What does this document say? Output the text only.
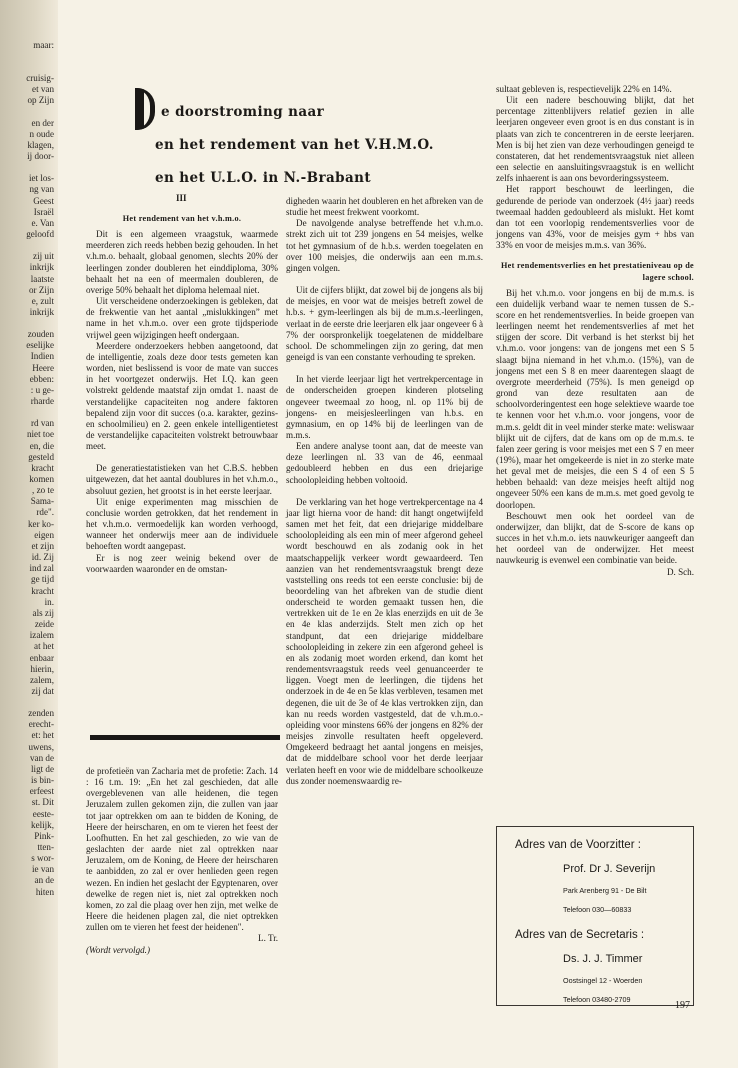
maar:

cruisig-
et van
op Zijn

en der
n oude
klagen,
ij door-

iet los-
ng van
Geest
Israël
e. Van
geloofd

zij uit
inkrijk
laatste
or Zijn
e, zult
inkrijk

zouden
eselijke
Indien
Heere
ebben:
: u ge-
rharde

rd van
niet toe
en, die
gesteld
kracht
komen
, zo te
Sama-
rde".
ker ko-
eigen
et zijn
id. Zij
ind zal
ge tijd
kracht
in.
als zij
zeide
izalem
at het
enbaar
hierin,
zalem,
zij dat

zenden
erecht-
et: het
uwens,
van de
ligt de
is bin-
erfeest
st. Dit
eeste-
kelijk,
Pink-
tten-
s wor-
ie van
an de
hiten
e doorstroming naar
en het rendement van het V.H.M.O.
en het U.L.O. in N.-Brabant
III
Het rendement van het v.h.m.o.

Dit is een algemeen vraagstuk, waarmede meerderen zich reeds hebben bezig gehouden. In het v.h.m.o. behaalt, globaal genomen, slechts 20% der leerlingen zonder doubleren het einddiploma, 30% behaalt het na een of meermalen doubleren, de overige 50% behaalt het diploma helemaal niet.

Uit verscheidene onderzoekingen is gebleken, dat de frekwentie van het aantal „mislukkingen” met name in het v.h.m.o. over een grote tijdsperiode vrijwel geen wijzigingen heeft ondergaan.

Meerdere onderzoekers hebben aangetoond, dat de intelligentie, zoals deze door tests gemeten kan worden, niet beslissend is voor de mate van succes in het voortgezet onderwijs. Het I.Q. kan geen volstrekt geldende maatstaf zijn omdat 1. naast de verstandelijke capaciteiten nog andere faktoren bepalend zijn voor dit succes (o.a. karakter, gezins- en schoolmilieu) en 2. geen enkele intelligentietest de verstandelijke capaciteiten volstrekt betrouwbaar meet.

De generatiestatistieken van het C.B.S. hebben uitgewezen, dat het aantal doublures in het v.h.m.o., absoluut gezien, het grootst is in het eerste leerjaar.

Uit enige experimenten mag misschien de conclusie worden getrokken, dat het rendement in het v.h.m.o. vermoedelijk kan worden verhoogd, wanneer het onderwijs meer aan de individuele behoeften wordt aangepast.

Er is nog zeer weinig bekend over de voorwaarden waaronder en de omstan-

de profetieën van Zacharia met de profetie: Zach. 14 : 16 t.m. 19: „En het zal geschieden, dat alle overgeblevenen van alle heidenen, die tegen Jeruzalem zullen gekomen zijn, die zullen van jaar tot jaar optrekken om aan te bidden de Koning, de Heere der heirscharen, en om te vieren het feest der Loofhutten. En het zal geschieden, zo wie van de geslachten der aarde niet zal optrekken naar Jeruzalem, om de Koning, de Heere der heirscharen te aanbidden, zo zal er over henlieden geen regen wezen. En indien het geslacht der Egyptenaren, over dewelke de regen niet is, niet zal optrekken noch komen, zo zal die plaag over hen zijn, met welke de Heere die heidenen plagen zal, die niet optrekken zullen om te vieren het feest der heidenen".

L. Tr.
(Wordt vervolgd.)

digheden waarin het doubleren en het afbreken van de studie het meest frekwent voorkomt.

De navolgende analyse betreffende het v.h.m.o. strekt zich uit tot 239 jongens en 54 meisjes, welke tot het gymnasium of de h.b.s. werden toegelaten en over 100 meisjes, die onderwijs aan een m.m.s. gingen volgen.

Uit de cijfers blijkt, dat zowel bij de jongens als bij de meisjes, en voor wat de meisjes betreft zowel de h.b.s. + gym-leerlingen als bij de m.m.s.-leerlingen, verlaat in de eerste drie leerjaren elk jaar ongeveer 6 à 7% der oorspronkelijk toegelatenen de middelbare school. De schommelingen zijn zo gering, dat men geneigd is van een constante verhouding te spreken.

In het vierde leerjaar ligt het vertrekpercentage in de onderscheiden groepen kinderen plotseling ongeveer tweemaal zo hoog, nl. op 11% bij de jongens- en meisjesleerlingen van h.b.s. en gymnasium, en op 14% bij de leerlingen van de m.m.s.

Een andere analyse toont aan, dat de meeste van deze leerlingen nl. 33 van de 46, eenmaal gedoubleerd hebben en dus een driejarige schoolopleiding hebben voltooid.

De verklaring van het hoge vertrekpercentage na 4 jaar ligt hierna voor de hand: dit hangt ongetwijfeld samen met het feit, dat een driejarige middelbare schoolopleiding als een min of meer afgerond geheel wordt beschouwd en als zodanig ook in het maatschappelijk verkeer wordt gewaardeerd. Ten aanzien van het rendementsvraagstuk brengt deze vaststelling ons reeds tot een eerste conclusie: bij de beoordeling van het afbreken van de studie dient onderscheid te worden gemaakt tussen hen, die vertrekken uit de 1e en 2e klas enerzijds en uit de 3e en 4e klas anderzijds. Stelt men zich op het standpunt, dat een driejarige middelbare schoolopleiding in zekere zin een afgerond geheel is en als zodanig moet worden erkend, dan komt het rendementsvraagstuk reeds veel genuanceerder te liggen. Voegt men de leerlingen, die tijdens het onderzoek in de 4e en 5e klas verbleven, tesamen met degenen, die uit de 3e of 4e klas vertrokken zijn, dan kan nu reeds worden vastgesteld, dat de v.h.m.o.-opleiding voor minstens 66% der jongens en 82% der meisjes zinvolle resultaten heeft opgeleverd. Omgekeerd bedraagt het aantal jongens en meisjes, dat de middelbare school voor het derde leerjaar verlaten heeft en voor wie de middelbare schoolkeuze dus zonder noemenswaardig re-

sultaat gebleven is, respectievelijk 22% en 14%.

Uit een nadere beschouwing blijkt, dat het percentage zittenblijvers relatief gezien in alle leerjaren ongeveer even groot is en dus constant is in plaats van zich te concentreren in de eerste leerjaren. Men is bij het zien van deze verhoudingen geneigd te constateren, dat het rendementsvraagstuk niet alleen een selectie en aansluitingsvraagstuk is en wellicht zelfs inhaerent is aan ons bevorderingssysteem.

Het rapport beschouwt de leerlingen, die gedurende de periode van onderzoek (4½ jaar) reeds tweemaal hadden gedoubleerd als mislukt. Het komt dan tot een voorlopig rendementsverlies voor de jongens van 43%, voor de meisjes gym + hbs van 33% en voor de meisjes m.m.s. van 36%.

Het rendementsverlies en het prestatieniveau op de lagere school.

Bij het v.h.m.o. voor jongens en bij de m.m.s. is een duidelijk verband waar te nemen tussen de S.-score en het rendementsverlies. In beide groepen van leerlingen neemt het rendementsverlies af met het stijgen der score. Dit verband is het sterkst bij het v.h.m.o. voor jongens: van de jongens met een S 5 slaagt bijna niemand in het v.h.m.o. (15%), van de jongens met een S 8 en meer daarentegen slaagt de overgrote meerderheid (75%). Is men geneigd op grond van deze resultaten aan de schoolvorderingentest een hoge selektieve waarde toe te kennen voor het v.h.m.o. voor jongens, voor de m.m.s. geldt dit in veel minder sterke mate: weliswaar blijkt uit de cijfers, dat de kans om op de m.m.s. te falen zeer gering is voor meisjes met een S 7 en meer (19%), maar het omgekeerde is niet in zo sterke mate het geval met de meisjes, die een S 4 of een S 5 hebben behaald: van deze meisjes heeft altijd nog ongeveer 50% een kans de m.m.s. met goed gevolg te doorlopen.

Beschouwt men ook het oordeel van de onderwijzer, dan blijkt, dat de S-score de kans op succes in het v.h.m.o. iets nauwkeuriger aangeeft dan het oordeel van de onderwijzer. Het meest nauwkeurig is evenwel een combinatie van beide.

D. Sch.
Adres van de Voorzitter :
Prof. Dr J. Severijn
Park Arenberg 91 - De Bilt
Telefoon 030—60833
Adres van de Secretaris :
Ds. J. J. Timmer
Oostsingel 12 - Woerden
Telefoon 03480-2709
197
